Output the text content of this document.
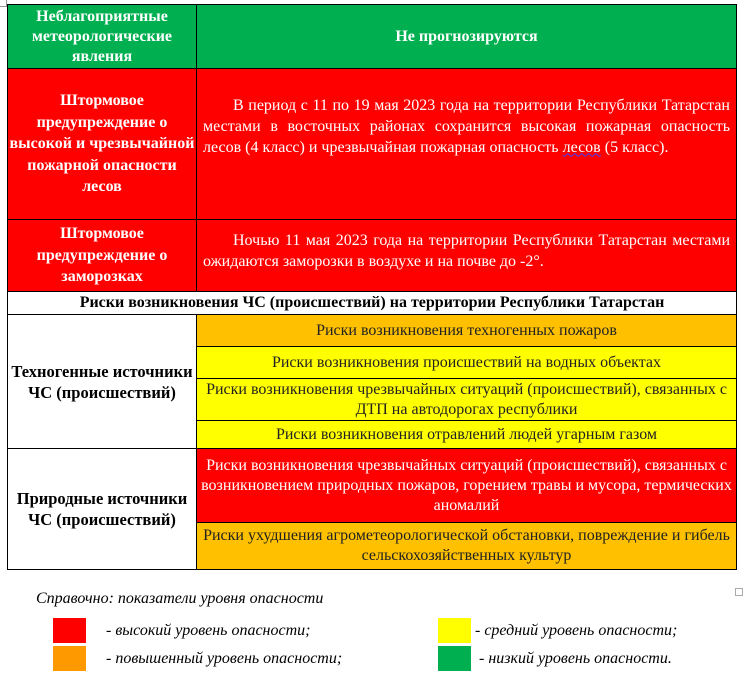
Неблагоприятные метеорологические явления	Не прогнозируются
Штормовое предупреждение о высокой и чрезвычайной пожарной опасности лесов	В период с 11 по 19 мая 2023 года на территории Республики Татарстан местами в восточных районах сохранится высокая пожарная опасность лесов (4 класс) и чрезвычайная пожарная опасность лесов (5 класс).

Штормовое предупреждение о заморозках	Ночью 11 мая 2023 года на территории Республики Татарстан местами ожидаются заморозки в воздухе и на почве до -2°.

Риски возникновения ЧС (происшествий) на территории Республики Татарстан	
Техногенные источники ЧС (происшествий)	Риски возникновения техногенных пожаров
	Риски возникновения происшествий на водных объектах
	Риски возникновения чрезвычайных ситуаций (происшествий), связанных с ДТП на автодорогах республики
	Риски возникновения отравлений людей угарным газом
Природные источники ЧС (происшествий)	Риски возникновения чрезвычайных ситуаций (происшествий), связанных с возникновением природных пожаров, горением травы и мусора, термических аномалий
	Риски ухудшения агрометеорологической обстановки, повреждение и гибель сельскохозяйственных культур
Справочно: показатели уровня опасности
- высокий уровень опасности;
- повышенный уровень опасности;
- средний уровень опасности;
- низкий уровень опасности.
